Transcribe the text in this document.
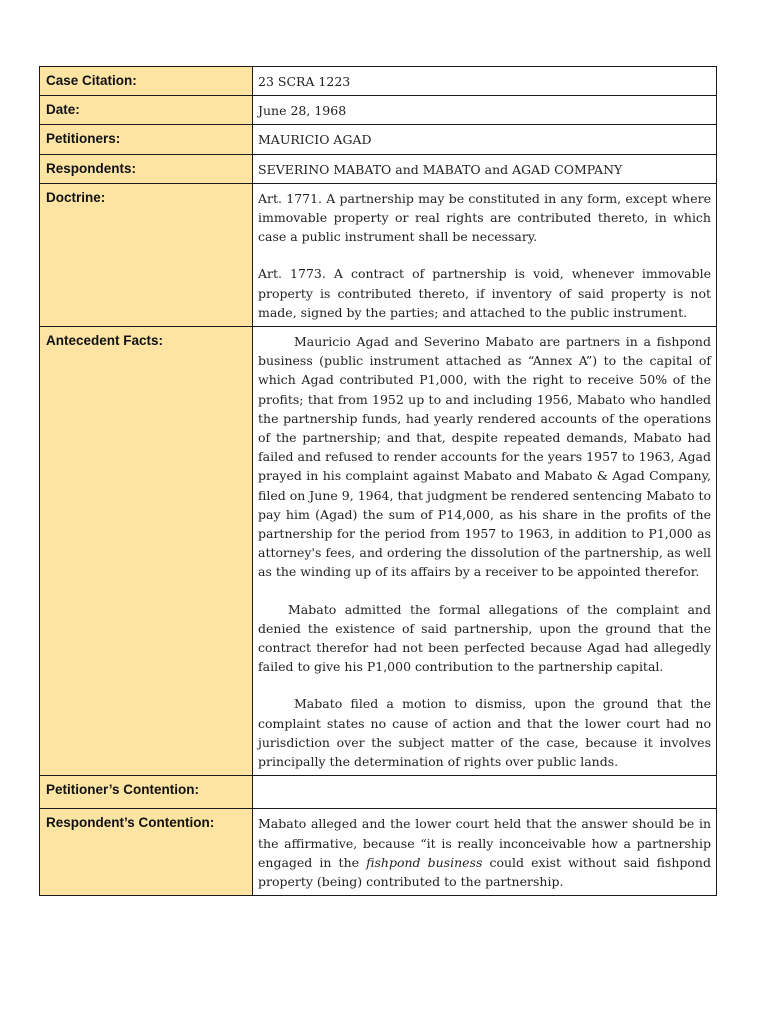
Case Citation:	23 SCRA 1223
Date:	June 28, 1968
Petitioners:	MAURICIO AGAD
Respondents:	SEVERINO MABATO and MABATO and AGAD COMPANY
Doctrine:	Art. 1771. A partnership may be constituted in any form, except where immovable property or real rights are contributed thereto, in which case a public instrument shall be necessary.

Art. 1773. A contract of partnership is void, whenever immovable property is contributed thereto, if inventory of said property is not made, signed by the parties; and attached to the public instrument.

Antecedent Facts:	Mauricio Agad and Severino Mabato are partners in a fishpond business (public instrument attached as “Annex A”) to the capital of which Agad contributed P1,000, with the right to receive 50% of the profits; that from 1952 up to and including 1956, Mabato who handled the partnership funds, had yearly rendered accounts of the operations of the partnership; and that, despite repeated demands, Mabato had failed and refused to render accounts for the years 1957 to 1963, Agad prayed in his complaint against Mabato and Mabato & Agad Company, filed on June 9, 1964, that judgment be rendered sentencing Mabato to pay him (Agad) the sum of P14,000, as his share in the profits of the partnership for the period from 1957 to 1963, in addition to P1,000 as attorney's fees, and ordering the dissolution of the partnership, as well as the winding up of its affairs by a receiver to be appointed therefor.

Mabato admitted the formal allegations of the complaint and denied the existence of said partnership, upon the ground that the contract therefor had not been perfected because Agad had allegedly failed to give his P1,000 contribution to the partnership capital.

Mabato filed a motion to dismiss, upon the ground that the complaint states no cause of action and that the lower court had no jurisdiction over the subject matter of the case, because it involves principally the determination of rights over public lands.

Petitioner’s Contention:	
Respondent’s Contention:	Mabato alleged and the lower court held that the answer should be in the affirmative, because “it is really inconceivable how a partnership engaged in the fishpond business could exist without said fishpond property (being) contributed to the partnership.
